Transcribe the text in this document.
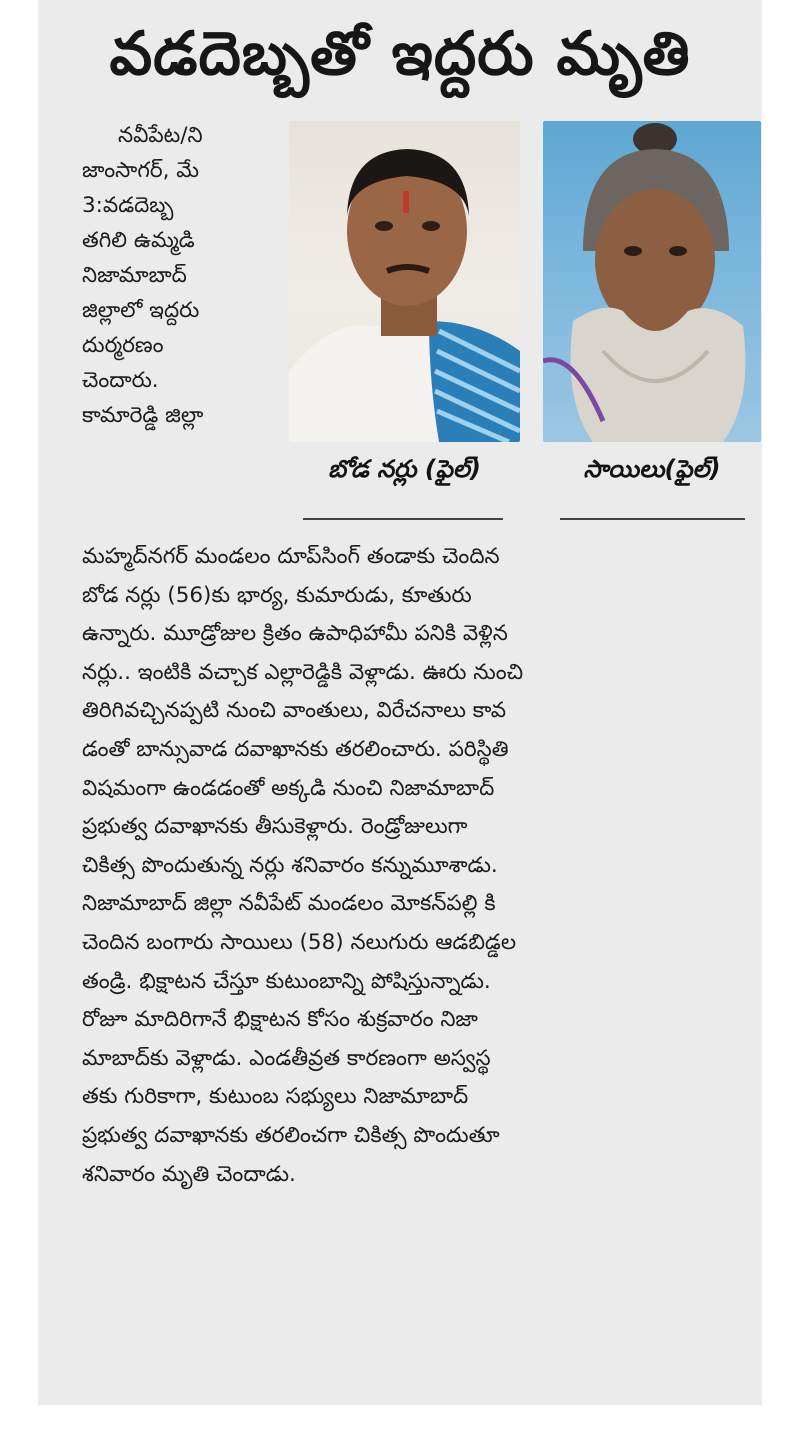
వడదెబ్బతో ఇద్దరు మృతి
నవీపేట/ని
జాంసాగర్, మే
3:వడదెబ్బ
తగిలి ఉమ్మడి
నిజామాబాద్
జిల్లాలో ఇద్దరు
దుర్మరణం
చెందారు.
కామారెడ్డి జిల్లా
బోడ నర్లు (ఫైల్)	సాయిలు(ఫైల్)
మహ్మద్‌నగర్ మండలం దూప్‌సింగ్ తండాకు చెందిన
బోడ నర్లు (56)కు భార్య, కుమారుడు, కూతురు
ఉన్నారు. మూడ్రోజుల క్రితం ఉపాధిహామీ పనికి వెళ్లిన
నర్లు.. ఇంటికి వచ్చాక ఎల్లారెడ్డికి వెళ్లాడు. ఊరు నుంచి
తిరిగివచ్చినప్పటి నుంచి వాంతులు, విరేచనాలు కావ
డంతో బాన్సువాడ దవాఖానకు తరలించారు. పరిస్థితి
విషమంగా ఉండడంతో అక్కడి నుంచి నిజామాబాద్
ప్రభుత్వ దవాఖానకు తీసుకెళ్లారు. రెండ్రోజులుగా
చికిత్స పొందుతున్న నర్లు శనివారం కన్నుమూశాడు.
నిజామాబాద్ జిల్లా నవీపేట్ మండలం మోకన్‌పల్లి కి
చెందిన బంగారు సాయిలు (58) నలుగురు ఆడబిడ్డల
తండ్రి. భిక్షాటన చేస్తూ కుటుంబాన్ని పోషిస్తున్నాడు.
రోజూ మాదిరిగానే భిక్షాటన కోసం శుక్రవారం నిజా
మాబాద్‌కు వెళ్లాడు. ఎండతీవ్రత కారణంగా అస్వస్థ
తకు గురికాగా, కుటుంబ సభ్యులు నిజామాబాద్
ప్రభుత్వ దవాఖానకు తరలించగా చికిత్స పొందుతూ
శనివారం మృతి చెందాడు.
